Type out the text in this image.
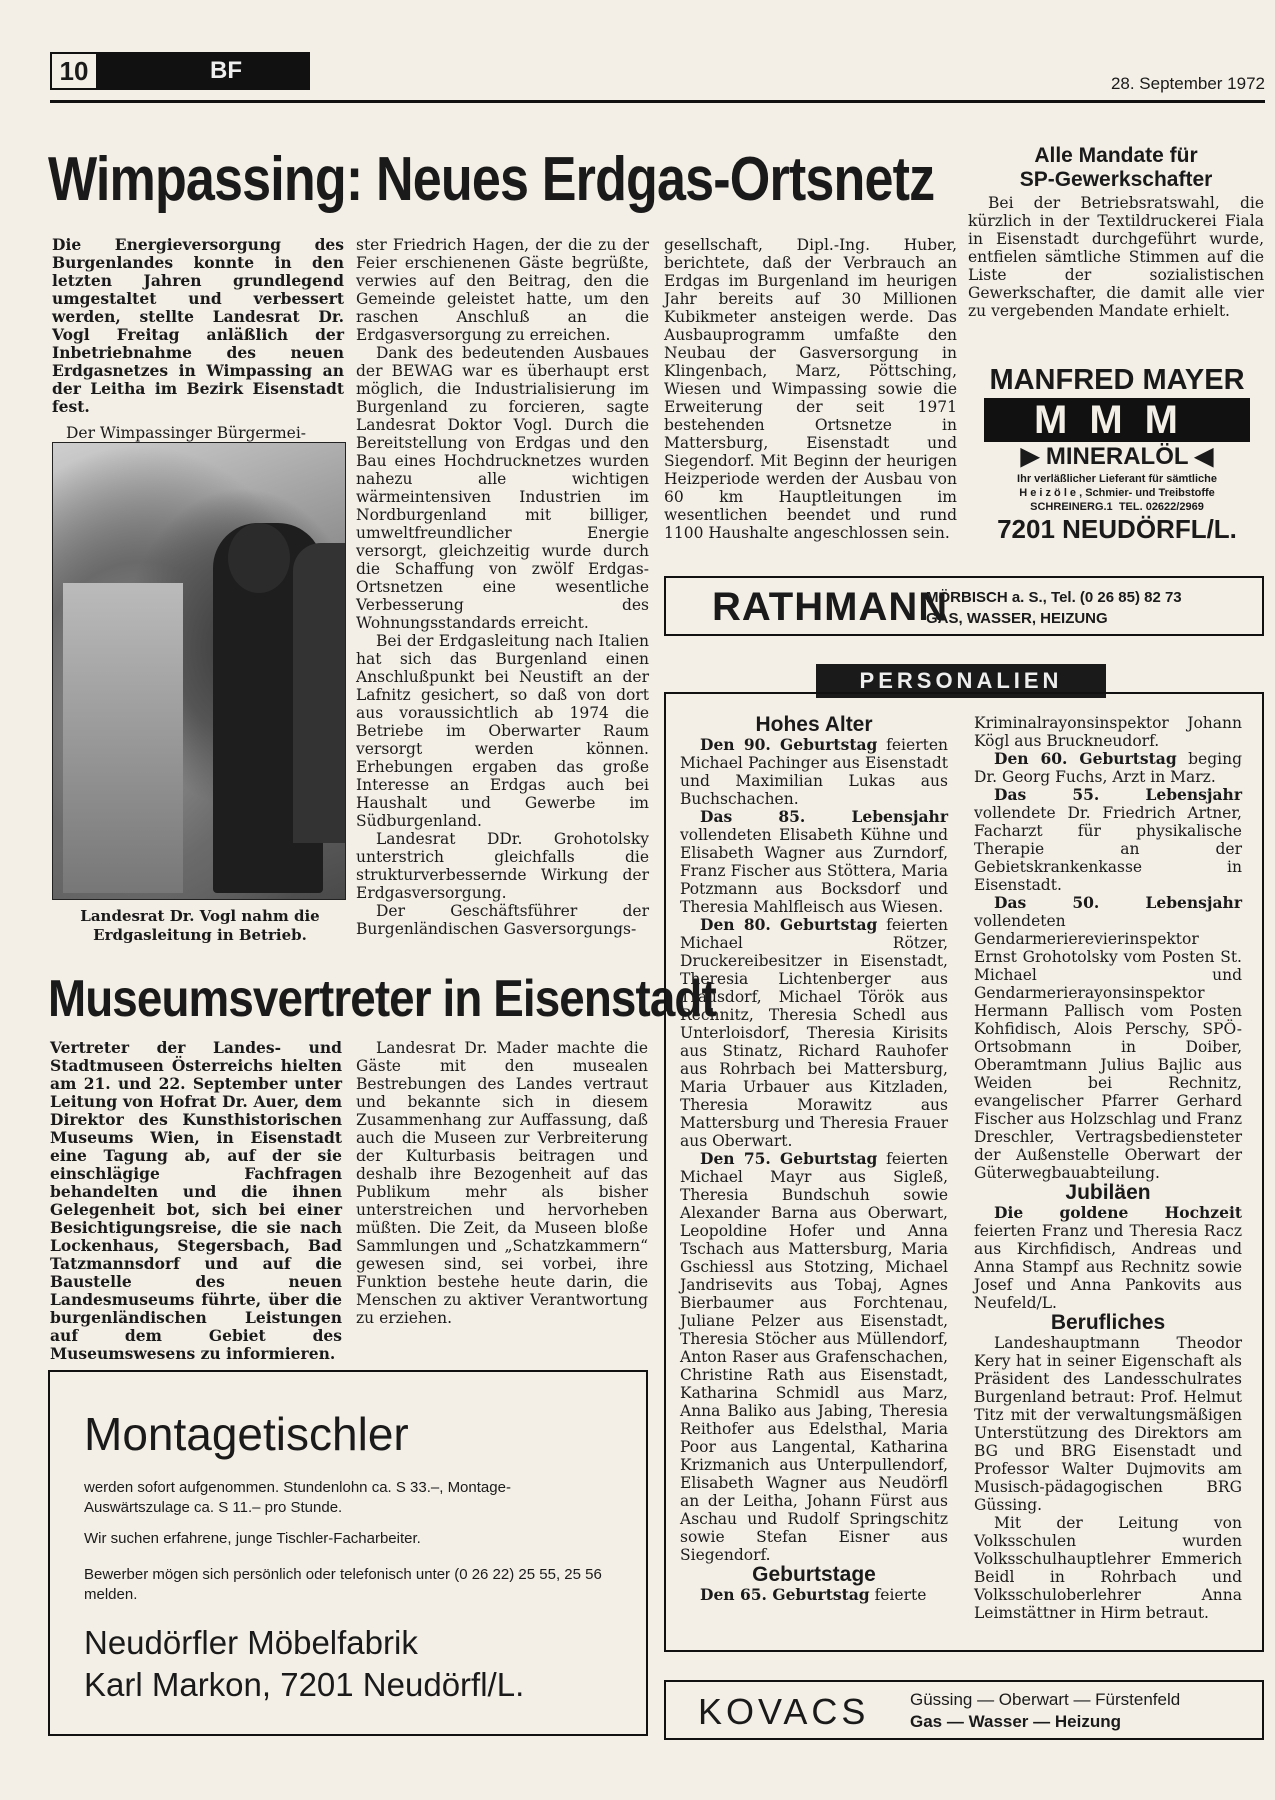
10	BF	28. September 1972
Wimpassing: Neues Erdgas-Ortsnetz

Die Energieversorgung des Burgenlandes konnte in den letzten Jahren grundlegend umgestaltet und verbessert werden, stellte Landesrat Dr. Vogl Freitag anläßlich der Inbetriebnahme des neuen Erdgasnetzes in Wimpassing an der Leitha im Bezirk Eisenstadt fest.

Der Wimpassinger Bürgermei-

Landesrat Dr. Vogl nahm die Erdgasleitung in Betrieb.

ster Friedrich Hagen, der die zu der Feier erschienenen Gäste begrüßte, verwies auf den Beitrag, den die Gemeinde geleistet hatte, um den raschen Anschluß an die Erdgasversorgung zu erreichen.

Dank des bedeutenden Ausbaues der BEWAG war es überhaupt erst möglich, die Industrialisierung im Burgenland zu forcieren, sagte Landesrat Doktor Vogl. Durch die Bereitstellung von Erdgas und den Bau eines Hochdrucknetzes wurden nahezu alle wichtigen wärmeintensiven Industrien im Nordburgenland mit billiger, umweltfreundlicher Energie versorgt, gleichzeitig wurde durch die Schaffung von zwölf Erdgas-Ortsnetzen eine wesentliche Verbesserung des Wohnungsstandards erreicht.

Bei der Erdgasleitung nach Italien hat sich das Burgenland einen Anschlußpunkt bei Neustift an der Lafnitz gesichert, so daß von dort aus voraussichtlich ab 1974 die Betriebe im Oberwarter Raum versorgt werden können. Erhebungen ergaben das große Interesse an Erdgas auch bei Haushalt und Gewerbe im Südburgenland.

Landesrat DDr. Grohotolsky unterstrich gleichfalls die strukturverbessernde Wirkung der Erdgasversorgung.

Der Geschäftsführer der Burgenländischen Gasversorgungs-

gesellschaft, Dipl.-Ing. Huber, berichtete, daß der Verbrauch an Erdgas im Burgenland im heurigen Jahr bereits auf 30 Millionen Kubikmeter ansteigen werde. Das Ausbauprogramm umfaßte den Neubau der Gasversorgung in Klingenbach, Marz, Pöttsching, Wiesen und Wimpassing sowie die Erweiterung der seit 1971 bestehenden Ortsnetze in Mattersburg, Eisenstadt und Siegendorf. Mit Beginn der heurigen Heizperiode werden der Ausbau von 60 km Hauptleitungen im wesentlichen beendet und rund 1100 Haushalte angeschlossen sein.

Alle Mandate für
SP-Gewerkschafter

Bei der Betriebsratswahl, die kürzlich in der Textildruckerei Fiala in Eisenstadt durchgeführt wurde, entfielen sämtliche Stimmen auf die Liste der sozialistischen Gewerkschafter, die damit alle vier zu vergebenden Mandate erhielt.

MANFRED MAYER
MMM
▶ MINERALÖL ◀
Ihr verläßlicher Lieferant für sämtliche
H e i z ö l e , Schmier- und Treibstoffe
SCHREINERG.1 TEL. 02622/2969
7201 NEUDÖRFL/L.
RATHMANN
MÖRBISCH a. S., Tel. (0 26 85) 82 73
GAS, WASSER, HEIZUNG
Museumsvertreter in Eisenstadt
Vertreter der Landes- und Stadtmuseen Österreichs hielten am 21. und 22. September unter Leitung von Hofrat Dr. Auer, dem Direktor des Kunsthistorischen Museums Wien, in Eisenstadt eine Tagung ab, auf der sie einschlägige Fachfragen behandelten und die ihnen Gelegenheit bot, sich bei einer Besichtigungsreise, die sie nach Lockenhaus, Stegersbach, Bad Tatzmannsdorf und auf die Baustelle des neuen Landesmuseums führte, über die burgenländischen Leistungen auf dem Gebiet des Museumswesens zu informieren.
Landesrat Dr. Mader machte die Gäste mit den musealen Bestrebungen des Landes vertraut und bekannte sich in diesem Zusammenhang zur Auffassung, daß auch die Museen zur Verbreiterung der Kulturbasis beitragen und deshalb ihre Bezogenheit auf das Publikum mehr als bisher unterstreichen und hervorheben müßten. Die Zeit, da Museen bloße Sammlungen und „Schatzkammern“ gewesen sind, sei vorbei, ihre Funktion bestehe heute darin, die Menschen zu aktiver Verantwortung zu erziehen.
Montagetischler
werden sofort aufgenommen. Stundenlohn ca. S 33.–, Montage-Auswärtszulage ca. S 11.– pro Stunde.
Wir suchen erfahrene, junge Tischler-Facharbeiter.
Bewerber mögen sich persönlich oder telefonisch unter (0 26 22) 25 55, 25 56 melden.
Neudörfler Möbelfabrik
Karl Markon, 7201 Neudörfl/L.
PERSONALIEN
Hohes Alter

Den 90. Geburtstag feierten Michael Pachinger aus Eisenstadt und Maximilian Lukas aus Buchschachen.

Das 85. Lebensjahr vollendeten Elisabeth Kühne und Elisabeth Wagner aus Zurndorf, Franz Fischer aus Stöttera, Maria Potzmann aus Bocksdorf und Theresia Mahlfleisch aus Wiesen.

Den 80. Geburtstag feierten Michael Rötzer, Druckereibesitzer in Eisenstadt, Theresia Lichtenberger aus Trausdorf, Michael Török aus Rechnitz, Theresia Schedl aus Unterloisdorf, Theresia Kirisits aus Stinatz, Richard Rauhofer aus Rohrbach bei Mattersburg, Maria Urbauer aus Kitzladen, Theresia Morawitz aus Mattersburg und Theresia Frauer aus Oberwart.

Den 75. Geburtstag feierten Michael Mayr aus Sigleß, Theresia Bundschuh sowie Alexander Barna aus Oberwart, Leopoldine Hofer und Anna Tschach aus Mattersburg, Maria Gschiessl aus Stotzing, Michael Jandrisevits aus Tobaj, Agnes Bierbaumer aus Forchtenau, Juliane Pelzer aus Eisenstadt, Theresia Stöcher aus Müllendorf, Anton Raser aus Grafenschachen, Christine Rath aus Eisenstadt, Katharina Schmidl aus Marz, Anna Baliko aus Jabing, Theresia Reithofer aus Edelsthal, Maria Poor aus Langental, Katharina Krizmanich aus Unterpullendorf, Elisabeth Wagner aus Neudörfl an der Leitha, Johann Fürst aus Aschau und Rudolf Springschitz sowie Stefan Eisner aus Siegendorf.

Geburtstage

Den 65. Geburtstag feierte

Kriminalrayonsinspektor Johann Kögl aus Bruckneudorf.

Den 60. Geburtstag beging Dr. Georg Fuchs, Arzt in Marz.

Das 55. Lebensjahr vollendete Dr. Friedrich Artner, Facharzt für physikalische Therapie an der Gebietskrankenkasse in Eisenstadt.

Das 50. Lebensjahr vollendeten Gendarmerierevierinspektor Ernst Grohotolsky vom Posten St. Michael und Gendarmerierayonsinspektor Hermann Pallisch vom Posten Kohfidisch, Alois Perschy, SPÖ-Ortsobmann in Doiber, Oberamtmann Julius Bajlic aus Weiden bei Rechnitz, evangelischer Pfarrer Gerhard Fischer aus Holzschlag und Franz Dreschler, Vertragsbediensteter der Außenstelle Oberwart der Güterwegbauabteilung.

Jubiläen

Die goldene Hochzeit feierten Franz und Theresia Racz aus Kirchfidisch, Andreas und Anna Stampf aus Rechnitz sowie Josef und Anna Pankovits aus Neufeld/L.

Berufliches

Landeshauptmann Theodor Kery hat in seiner Eigenschaft als Präsident des Landesschulrates Burgenland betraut: Prof. Helmut Titz mit der verwaltungsmäßigen Unterstützung des Direktors am BG und BRG Eisenstadt und Professor Walter Dujmovits am Musisch-pädagogischen BRG Güssing.

Mit der Leitung von Volksschulen wurden Volksschulhauptlehrer Emmerich Beidl in Rohrbach und Volksschuloberlehrer Anna Leimstättner in Hirm betraut.

KOVACS Güssing — Oberwart — Fürstenfeld
Gas — Wasser — Heizung
